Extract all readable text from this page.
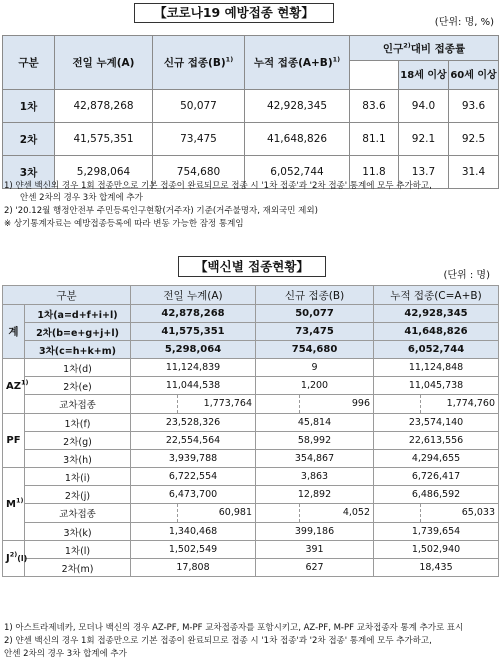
【코로나19 예방접종 현황】
(단위: 명, %)
구분	전일 누계(A)	신규 접종$(B)^{1)}$	누적 접종$(A+B)^{1)}$	인구$^{2)}$대비 접종률		
					18세 이상	60세 이상
1차	42,878,268	50,077	42,928,345	83.6	94.0	93.6
2차	41,575,351	73,475	41,648,826	81.1	92.1	92.5
3차	5,298,064	754,680	6,052,744	11.8	13.7	31.4
1) 얀센 백신의 경우 1회 접종만으로 기본 접종이 완료되므로 접종 시 '1차 접종'과 '2차 접종' 통계에 모두 추가하고,
안센 2차의 경우 3차 합계에 추가
2) '20.12월 행정안전부 주민등록인구현황(거주자) 기준(거주불명자, 재외국민 제외)
※ 상기통계자료는 예방접종등록에 따라 변동 가능한 잠정 통계임
【백신별 접종현황】
(단위 : 명)
구분		전일 누계(A)	신규 접종(B)	누적 접종(C=A+B)
계	1차(a=d+f+i+l)	42,878,268	50,077	42,928,345
	2차(b=e+g+j+l)	41,575,351	73,475	41,648,826
	3차(c=h+k+m)	5,298,064	754,680	6,052,744
AZ$^{1)}$	1차(d)	11,124,839	9	11,124,848
	2차(e)	11,044,538	1,200	11,045,738
	교차접종	1,773,764	996	1,774,760

PF	1차(f)	23,528,326	45,814	23,574,140
	2차(g)	22,554,564	58,992	22,613,556
	3차(h)	3,939,788	354,867	4,294,655
$M^{1)}$	1차(i)	6,722,554	3,863	6,726,417
	2차(j)	6,473,700	12,892	6,486,592
	교차접종	60,981	4,052	65,033

	3차(k)	1,340,468	399,186	1,739,654
$J^{2)}(l)$	1차(l)	1,502,549	391	1,502,940
	2차(m)	17,808	627	18,435
1) 아스트라제네카, 모더나 백신의 경우 AZ-PF, M-PF 교차접종자를 포함시키고, AZ-PF, M-PF 교차접종자 통계 추가로 표시
2) 얀센 백신의 경우 1회 접종만으로 기본 접종이 완료되므로 접종 시 '1차 접종'과 '2차 접종' 통계에 모두 추가하고,
안센 2차의 경우 3차 합계에 추가
